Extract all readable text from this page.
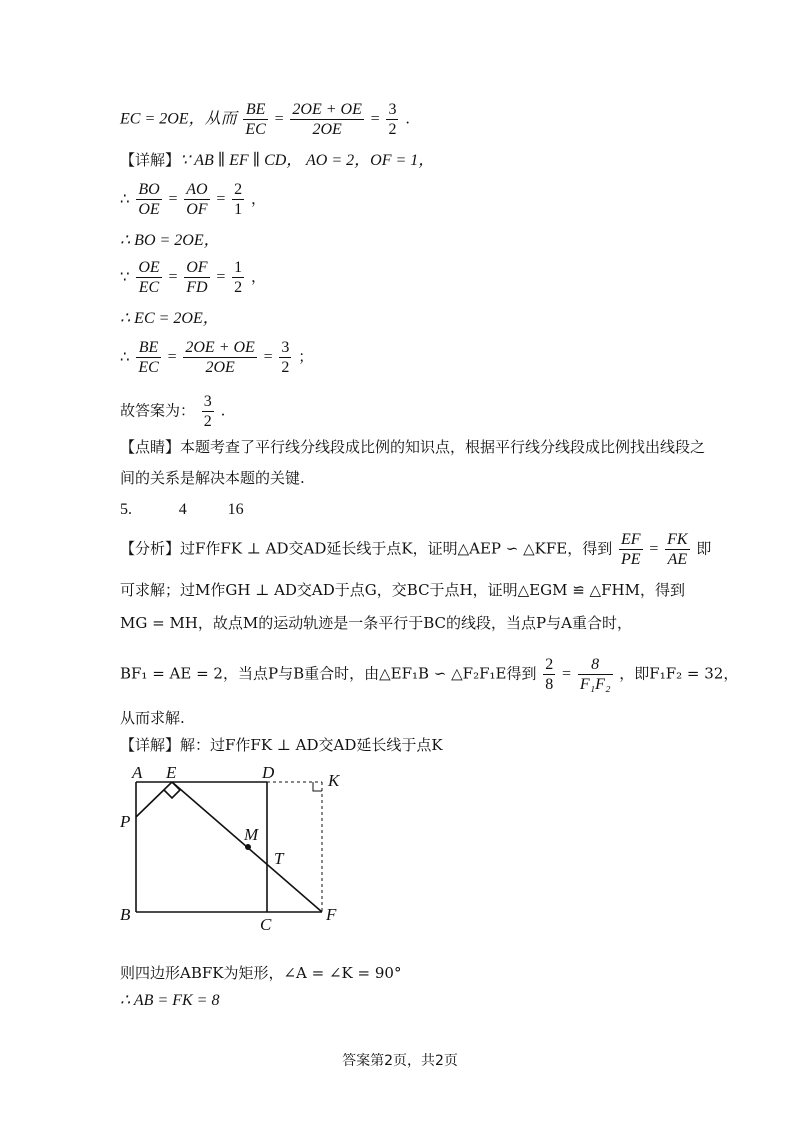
EC = 2OE，从而 $\frac{BE}{EC} = \frac{2OE + OE}{2OE} = \frac{3}{2}$ .
【详解】∵ AB ∥ EF ∥ CD， AO = 2，OF = 1，
∴ $\frac{BO}{OE} = \frac{AO}{OF} = \frac{2}{1}$ ，
∴ BO = 2OE，
∵ $\frac{OE}{EC} = \frac{OF}{FD} = \frac{1}{2}$ ，
∴ EC = 2OE，
∴ $\frac{BE}{EC} = \frac{2OE + OE}{2OE} = \frac{3}{2}$ ；
故答案为： $\frac{3}{2}$ .
【点睛】本题考查了平行线分线段成比例的知识点，根据平行线分线段成比例找出线段之
间的关系是解决本题的关键.
5.	4	16
【分析】过F作FK ⊥ AD交AD延长线于点K，证明△AEP ∽ △KFE，得到 $\frac{EF}{PE} = \frac{FK}{AE}$ 即
可求解；过M作GH ⊥ AD交AD于点G，交BC于点H，证明△EGM ≌ △FHM，得到
MG = MH，故点M的运动轨迹是一条平行于BC的线段，当点P与A重合时，
BF₁ = AE = 2，当点P与B重合时，由△EF₁B ∽ △F₂F₁E得到 $\frac{2}{8} = \frac{8}{\text{F₁F₂}}$ ，即F₁F₂ = 32，
从而求解.
【详解】解：过F作FK ⊥ AD交AD延长线于点K
A E	D	K
P
M
T
B
C
F
则四边形ABFK为矩形，∠A = ∠K = 90°
∴ AB = FK = 8
答案第2页，共2页
